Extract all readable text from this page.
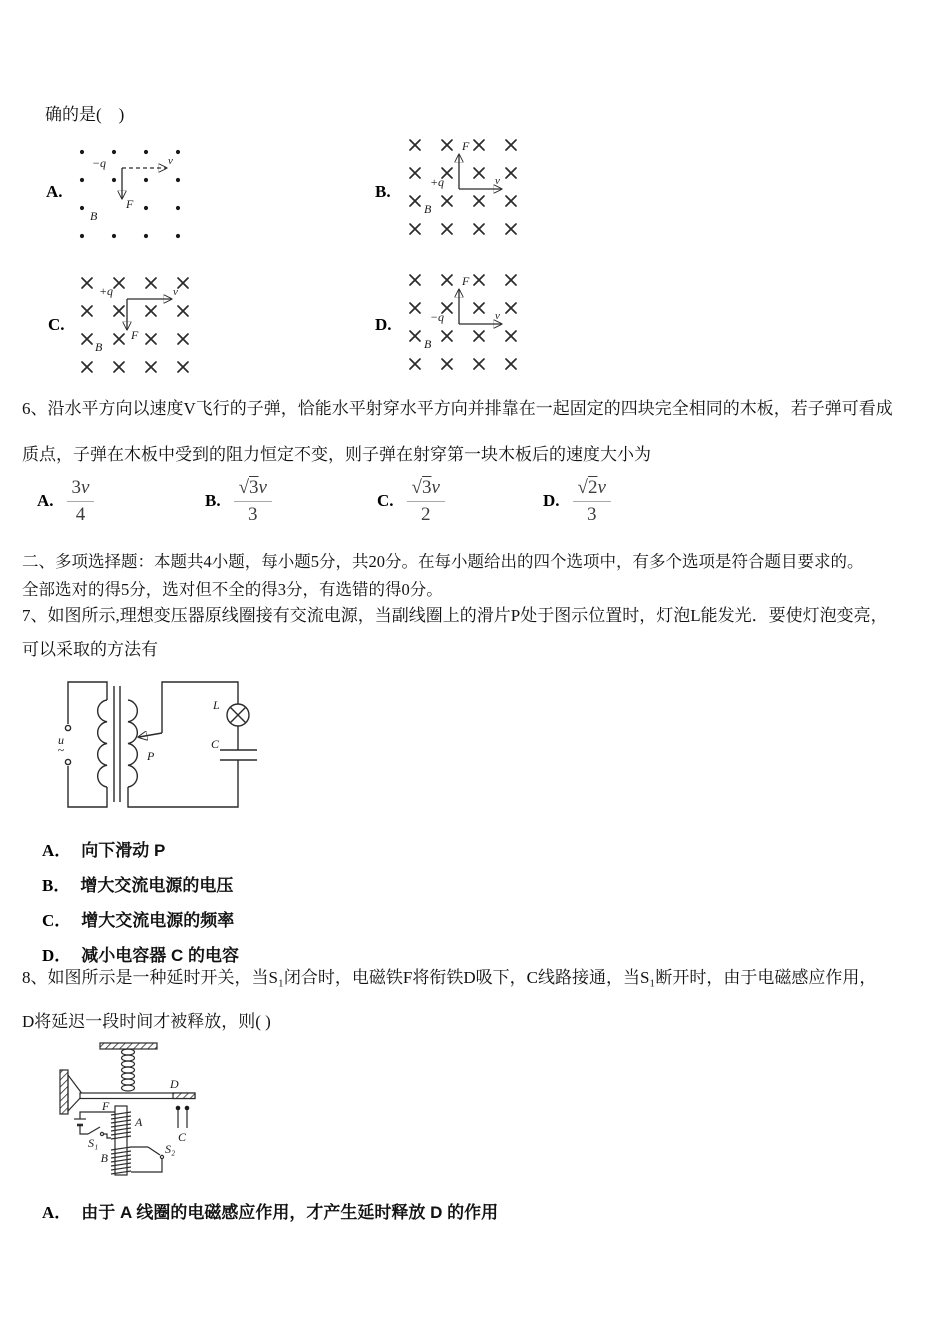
确的是(　)
A.
v
F
−q
B
B.
F
v
+q
B
C.
v
F
+q
B
D.
F
v
−q
B
6、沿水平方向以速度V飞行的子弹，恰能水平射穿水平方向并排靠在一起固定的四块完全相同的木板，若子弹可看成
质点，子弹在木板中受到的阻力恒定不变，则子弹在射穿第一块木板后的速度大小为
A. $\frac{3v}{4}$	B. $\frac{√3v}{3}$	C. $\frac{√3v}{2}$	D. $\frac{√2v}{3}$
二、多项选择题：本题共4小题，每小题5分，共20分。在每小题给出的四个选项中，有多个选项是符合题目要求的。
全部选对的得5分，选对但不全的得3分，有选错的得0分。
7、如图所示,理想变压器原线圈接有交流电源，当副线圈上的滑片P处于图示位置时，灯泡L能发光．要使灯泡变亮，
可以采取的方法有
u
~	P
L
C
A． 向下滑动 P
B． 增大交流电源的电压
C． 增大交流电源的频率
D． 减小电容器 C 的电容
8、如图所示是一种延时开关，当S₁闭合时，电磁铁F将衔铁D吸下，C线路接通，当S₁断开时，由于电磁感应作用，
D将延迟一段时间才被释放，则( )
D
F
A
B
S₁	S₂
C
A． 由于 A 线圈的电磁感应作用，才产生延时释放 D 的作用
